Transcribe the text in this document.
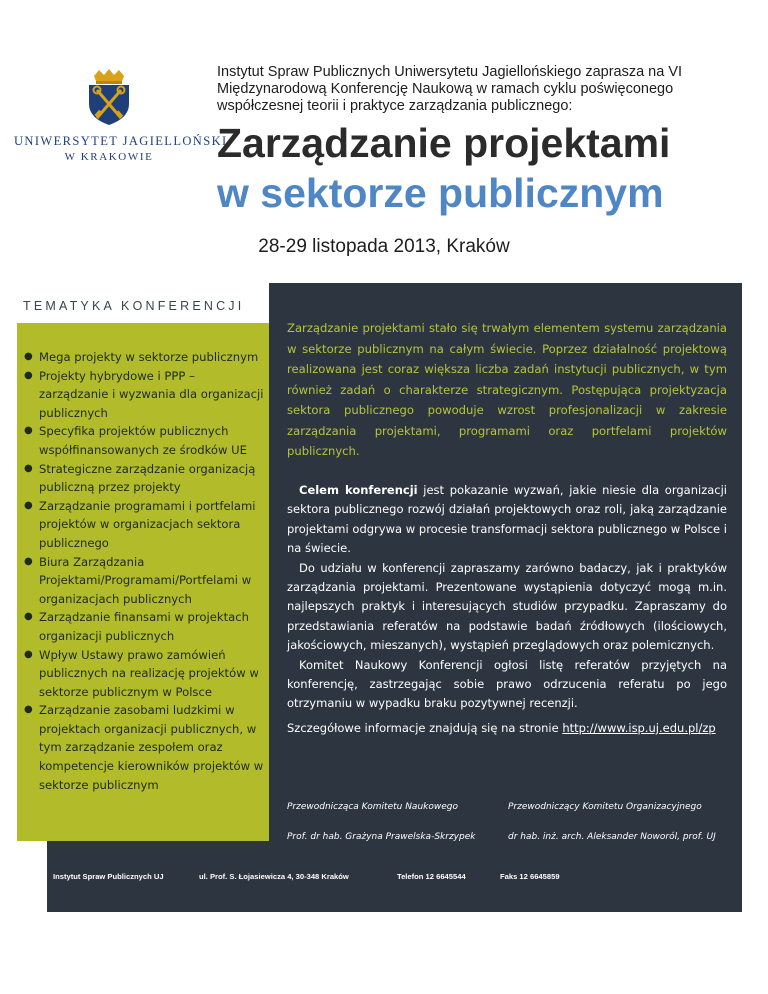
UNIWERSYTET JAGIELLOŃSKI
W KRAKOWIE

Instytut Spraw Publicznych Uniwersytetu Jagiellońskiego zaprasza na VI Międzynarodową Konferencję Naukową w ramach cyklu poświęconego współczesnej teorii i praktyce zarządzania publicznego:

Zarządzanie projektami
w sektorze publicznym
28-29 listopada 2013, Kraków
TEMATYKA KONFERENCJI
● Mega projekty w sektorze publicznym
● Projekty hybrydowe i PPP – zarządzanie i wyzwania dla organizacji publicznych
● Specyfika projektów publicznych współfinansowanych ze środków UE
● Strategiczne zarządzanie organizacją publiczną przez projekty
● Zarządzanie programami i portfelami projektów w organizacjach sektora publicznego
● Biura Zarządzania Projektami/Programami/Portfelami w organizacjach publicznych
● Zarządzanie finansami w projektach organizacji publicznych
● Wpływ Ustawy prawo zamówień publicznych na realizację projektów w sektorze publicznym w Polsce
● Zarządzanie zasobami ludzkimi w projektach organizacji publicznych, w tym zarządzanie zespołem oraz kompetencje kierowników projektów w sektorze publicznym

Zarządzanie projektami stało się trwałym elementem systemu zarządzania w sektorze publicznym na całym świecie. Poprzez działalność projektową realizowana jest coraz większa liczba zadań instytucji publicznych, w tym również zadań o charakterze strategicznym. Postępująca projektyzacja sektora publicznego powoduje wzrost profesjonalizacji w zakresie zarządzania projektami, programami oraz portfelami projektów publicznych.

Celem konferencji jest pokazanie wyzwań, jakie niesie dla organizacji sektora publicznego rozwój działań projektowych oraz roli, jaką zarządzanie projektami odgrywa w procesie transformacji sektora publicznego w Polsce i na świecie.
Do udziału w konferencji zapraszamy zarówno badaczy, jak i praktyków zarządzania projektami. Prezentowane wystąpienia dotyczyć mogą m.in. najlepszych praktyk i interesujących studiów przypadku. Zapraszamy do przedstawiania referatów na podstawie badań źródłowych (ilościowych, jakościowych, mieszanych), wystąpień przeglądowych oraz polemicznych.
Komitet Naukowy Konferencji ogłosi listę referatów przyjętych na konferencję, zastrzegając sobie prawo odrzucenia referatu po jego otrzymaniu w wypadku braku pozytywnej recenzji.

Szczegółowe informacje znajdują się na stronie http://www.isp.uj.edu.pl/zp

Przewodnicząca Komitetu Naukowego
Prof. dr hab. Grażyna Prawelska-Skrzypek
Przewodniczący Komitetu Organizacyjnego
dr hab. inż. arch. Aleksander Noworól, prof. UJ
Instytut Spraw Publicznych UJ	ul. Prof. S. Łojasiewicza 4, 30-348 Kraków	Telefon 12 6645544	Faks 12 6645859
